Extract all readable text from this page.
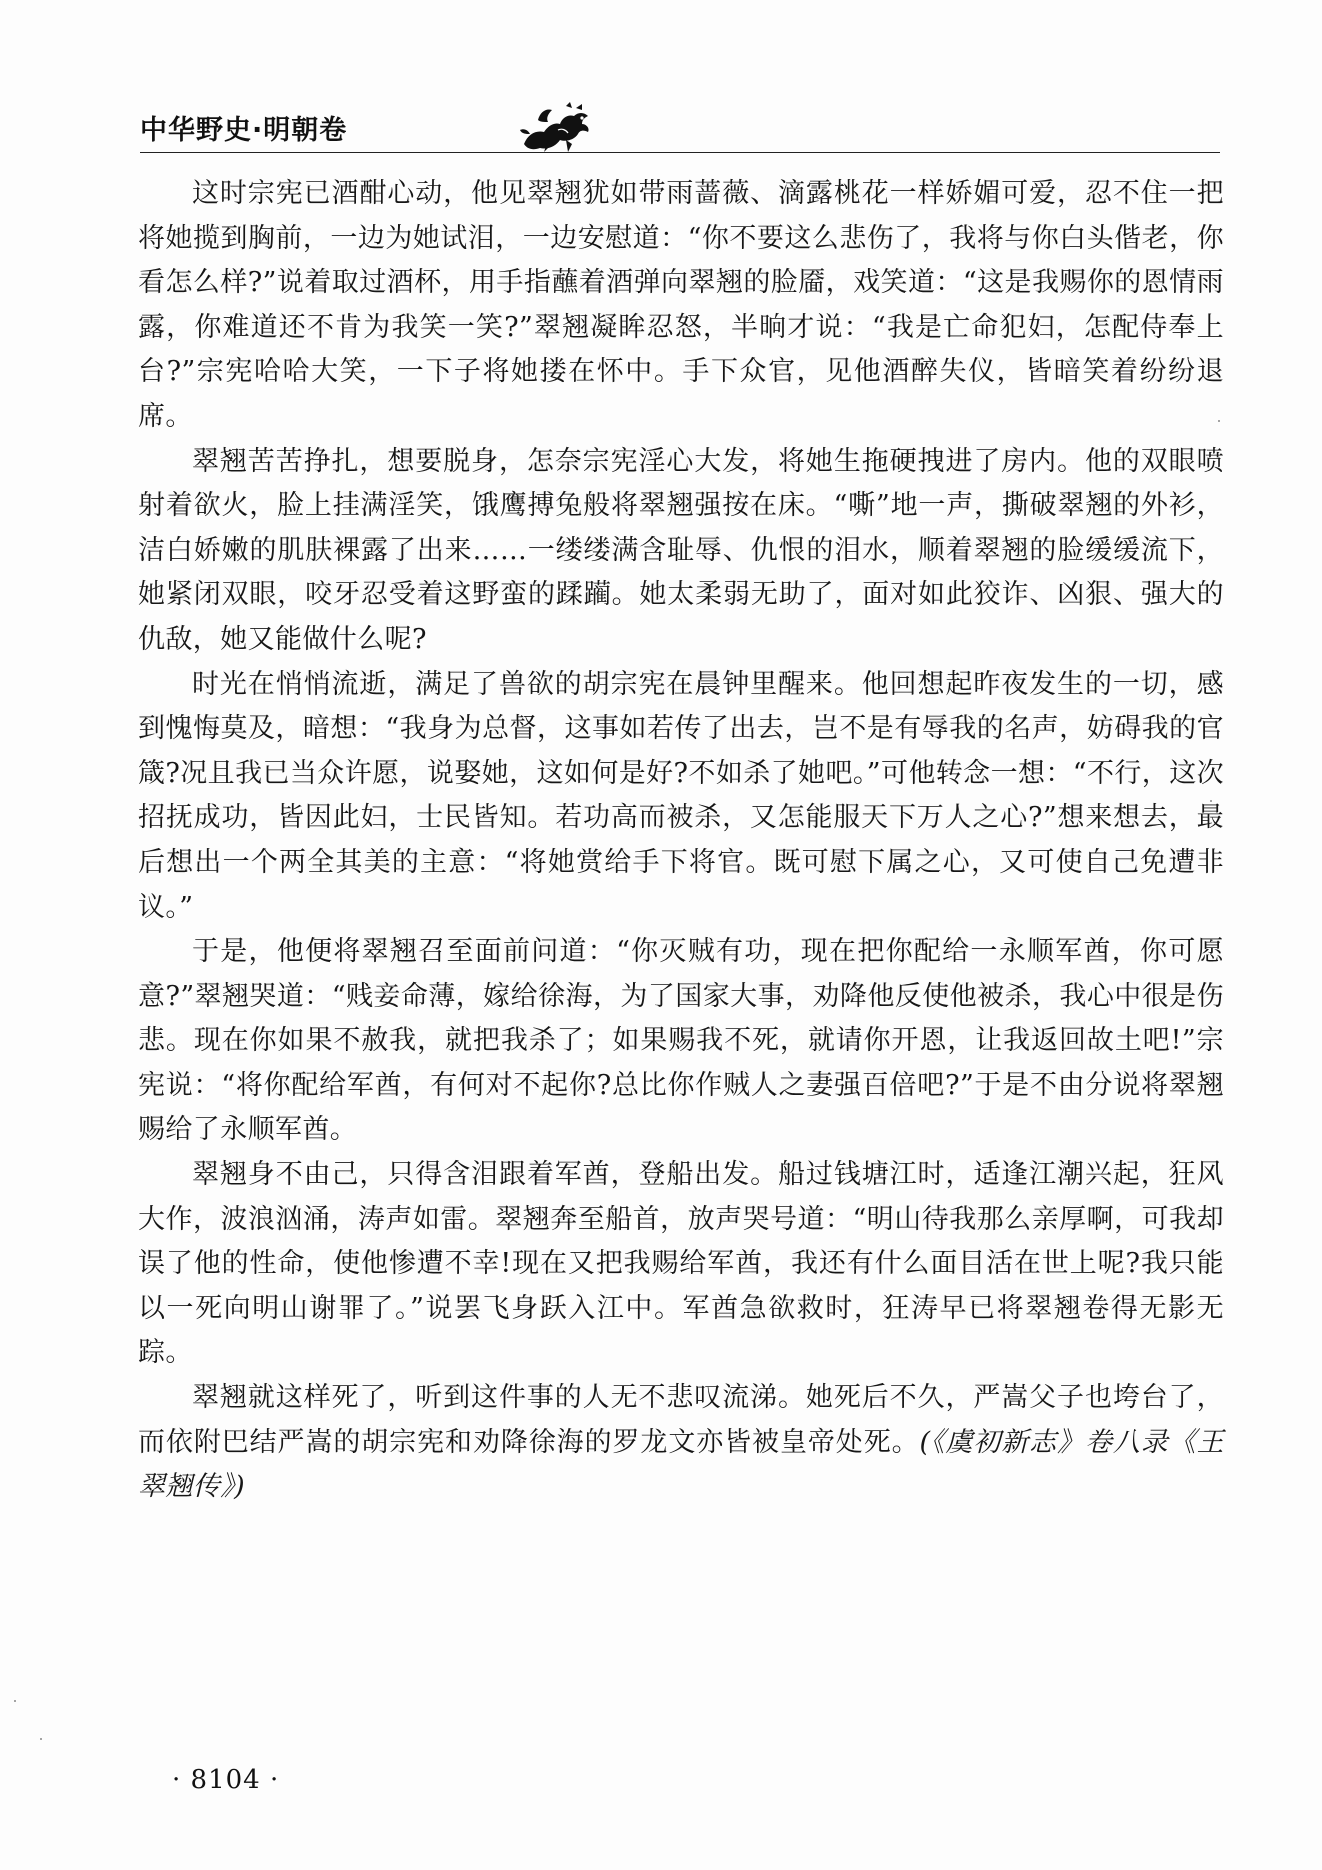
中华野史·明朝卷

这时宗宪已酒酣心动，他见翠翘犹如带雨蔷薇、滴露桃花一样娇媚可爱，忍不住一把将她揽到胸前，一边为她试泪，一边安慰道：“你不要这么悲伤了，我将与你白头偕老，你看怎么样?”说着取过酒杯，用手指蘸着酒弹向翠翘的脸靥，戏笑道：“这是我赐你的恩情雨露，你难道还不肯为我笑一笑?”翠翘凝眸忍怒，半晌才说：“我是亡命犯妇，怎配侍奉上台?”宗宪哈哈大笑，一下子将她搂在怀中。手下众官，见他酒醉失仪，皆暗笑着纷纷退席。

翠翘苦苦挣扎，想要脱身，怎奈宗宪淫心大发，将她生拖硬拽进了房内。他的双眼喷射着欲火，脸上挂满淫笑，饿鹰搏兔般将翠翘强按在床。“嘶”地一声，撕破翠翘的外衫，洁白娇嫩的肌肤裸露了出来……一缕缕满含耻辱、仇恨的泪水，顺着翠翘的脸缓缓流下，她紧闭双眼，咬牙忍受着这野蛮的蹂躏。她太柔弱无助了，面对如此狡诈、凶狠、强大的仇敌，她又能做什么呢?

时光在悄悄流逝，满足了兽欲的胡宗宪在晨钟里醒来。他回想起昨夜发生的一切，感到愧悔莫及，暗想：“我身为总督，这事如若传了出去，岂不是有辱我的名声，妨碍我的官箴?况且我已当众许愿，说娶她，这如何是好?不如杀了她吧。”可他转念一想：“不行，这次招抚成功，皆因此妇，士民皆知。若功高而被杀，又怎能服天下万人之心?”想来想去，最后想出一个两全其美的主意：“将她赏给手下将官。既可慰下属之心，又可使自己免遭非议。”

于是，他便将翠翘召至面前问道：“你灭贼有功，现在把你配给一永顺军酋，你可愿意?”翠翘哭道：“贱妾命薄，嫁给徐海，为了国家大事，劝降他反使他被杀，我心中很是伤悲。现在你如果不赦我，就把我杀了；如果赐我不死，就请你开恩，让我返回故土吧!”宗宪说：“将你配给军酋，有何对不起你?总比你作贼人之妻强百倍吧?”于是不由分说将翠翘赐给了永顺军酋。

翠翘身不由己，只得含泪跟着军酋，登船出发。船过钱塘江时，适逢江潮兴起，狂风大作，波浪汹涌，涛声如雷。翠翘奔至船首，放声哭号道：“明山待我那么亲厚啊，可我却误了他的性命，使他惨遭不幸!现在又把我赐给军酋，我还有什么面目活在世上呢?我只能以一死向明山谢罪了。”说罢飞身跃入江中。军酋急欲救时，狂涛早已将翠翘卷得无影无踪。

翠翘就这样死了，听到这件事的人无不悲叹流涕。她死后不久，严嵩父子也垮台了，而依附巴结严嵩的胡宗宪和劝降徐海的罗龙文亦皆被皇帝处死。(《虞初新志》卷八录《王翠翘传》)

· 8104 ·
